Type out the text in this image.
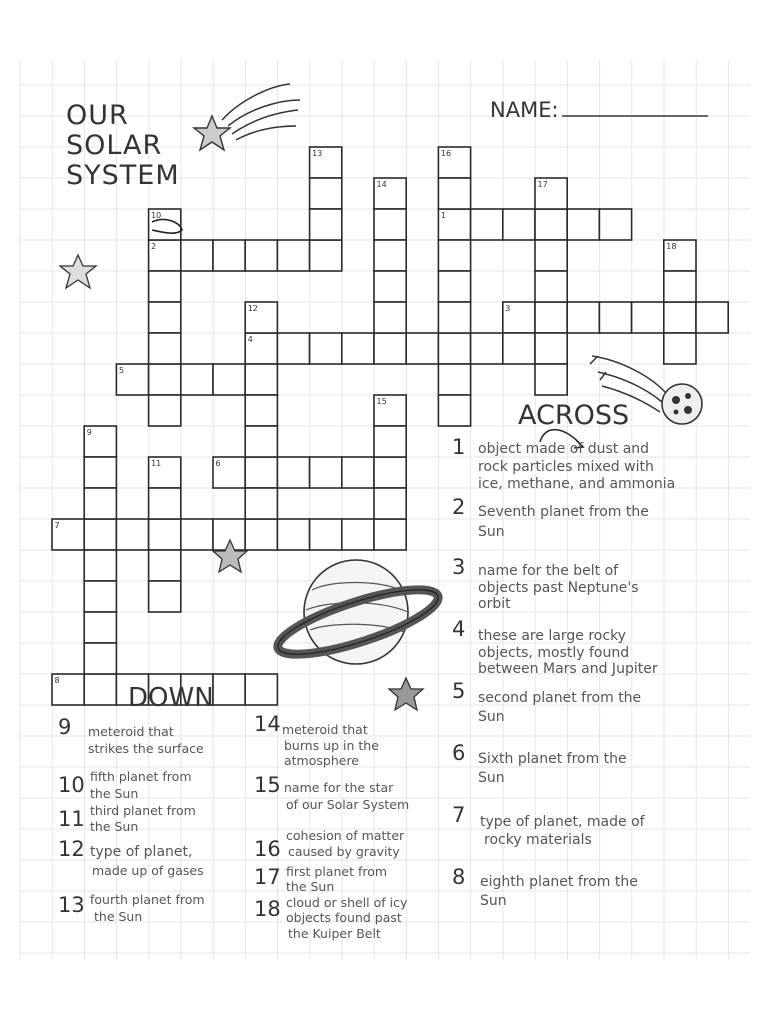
OUR
SOLAR
SYSTEM
NAME:
1
2
3
4
5
6
7
8
9
10
11
12
13
14
15
16
17
18
ACROSS
1 object made of dust and
rock particles mixed with
ice, methane, and ammonia
2 Seventh planet from the
Sun
3 name for the belt of
objects past Neptune's
orbit
4 these are large rocky
objects, mostly found
between Mars and Jupiter
5 second planet from the
Sun
6 Sixth planet from the
Sun
7 type of planet, made of
rocky materials
8 eighth planet from the
Sun
DOWN
9 meteroid that
strikes the surface
10 fifth planet from
the Sun
11 third planet from
the Sun
12 type of planet,
made up of gases
13 fourth planet from
the Sun
14 meteroid that
burns up in the
atmosphere
15 name for the star
of our Solar System
16
cohesion of matter
caused by gravity
17 first planet from
the Sun
18 cloud or shell of icy
objects found past
the Kuiper Belt
